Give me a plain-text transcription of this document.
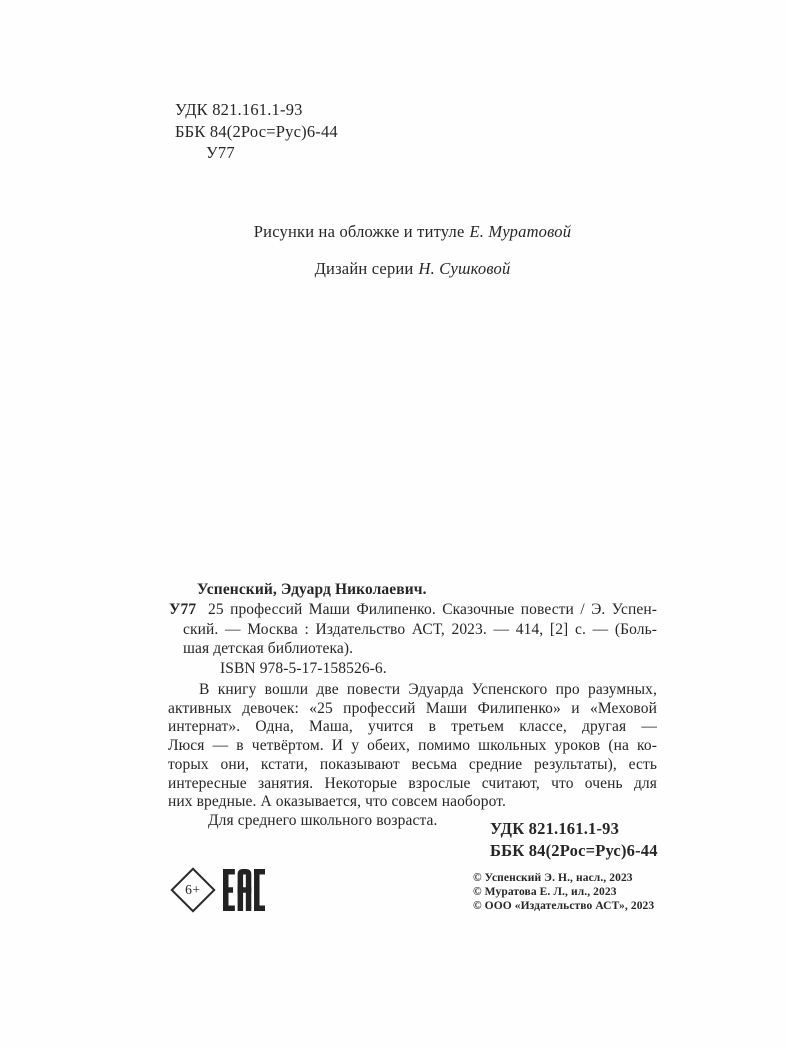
УДК 821.161.1-93
ББК 84(2Рос=Рус)6-44
У77
Рисунки на обложке и титуле Е. Муратовой
Дизайн серии Н. Сушковой
Успенский, Эдуард Николаевич.
У77 25 профессий Маши Филипенко. Сказочные повести / Э. Успен-
ский. — Москва : Издательство АСТ, 2023. — 414, [2] с. — (Боль-
шая детская библиотека).
ISBN 978-5-17-158526-6.
В книгу вошли две повести Эдуарда Успенского про разумных,
активных девочек: «25 профессий Маши Филипенко» и «Меховой
интернат». Одна, Маша, учится в третьем классе, другая —
Люся — в четвёртом. И у обеих, помимо школьных уроков (на ко-
торых они, кстати, показывают весьма средние результаты), есть
интересные занятия. Некоторые взрослые считают, что очень для
них вредные. А оказывается, что совсем наоборот.
Для среднего школьного возраста.	УДК 821.161.1-93
ББК 84(2Рос=Рус)6-44
6+
© Успенский Э. Н., насл., 2023
© Муратова Е. Л., ил., 2023
© ООО «Издательство АСТ», 2023
